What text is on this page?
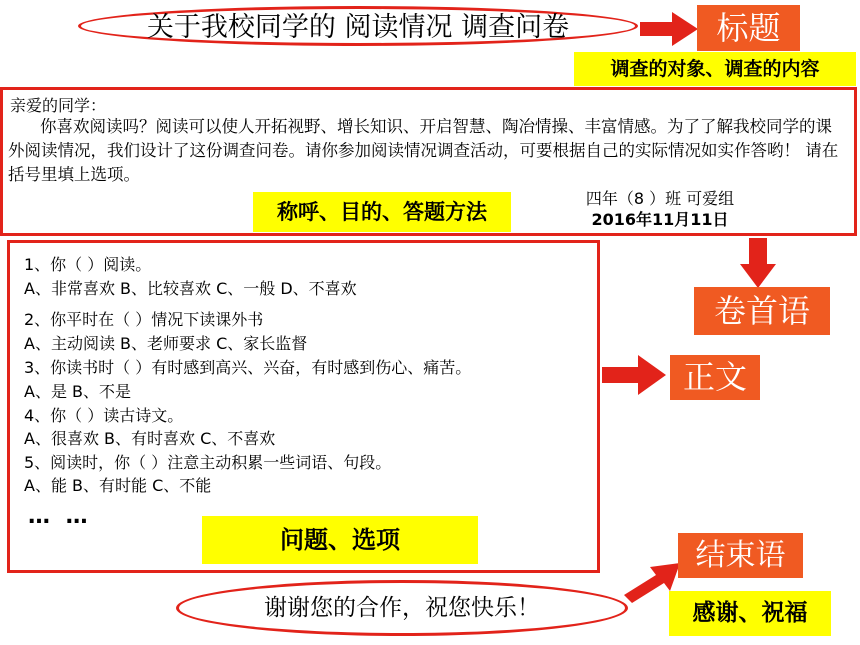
关于我校同学的 阅读情况 调查问卷	标题
调查的对象、调查的内容
亲爱的同学：
你喜欢阅读吗？阅读可以使人开拓视野、增长知识、开启智慧、陶冶情操、丰富情感。为了了解我校同学的课外阅读情况，我们设计了这份调查问卷。请你参加阅读情况调查活动，可要根据自己的实际情况如实作答哟！ 请在括号里填上选项。
称呼、目的、答题方法
四年（8 ）班 可爱组
2016年11月11日
卷首语
1、你（ ）阅读。
A、非常喜欢 B、比较喜欢 C、一般 D、不喜欢
2、你平时在（ ）情况下读课外书
A、主动阅读 B、老师要求 C、家长监督
3、你读书时（ ）有时感到高兴、兴奋，有时感到伤心、痛苦。
A、是 B、不是
4、你（ ）读古诗文。
A、很喜欢 B、有时喜欢 C、不喜欢
5、阅读时，你（ ）注意主动积累一些词语、句段。
A、能 B、有时能 C、不能
… …
问题、选项
正文
谢谢您的合作，祝您快乐！
结束语
感谢、祝福
